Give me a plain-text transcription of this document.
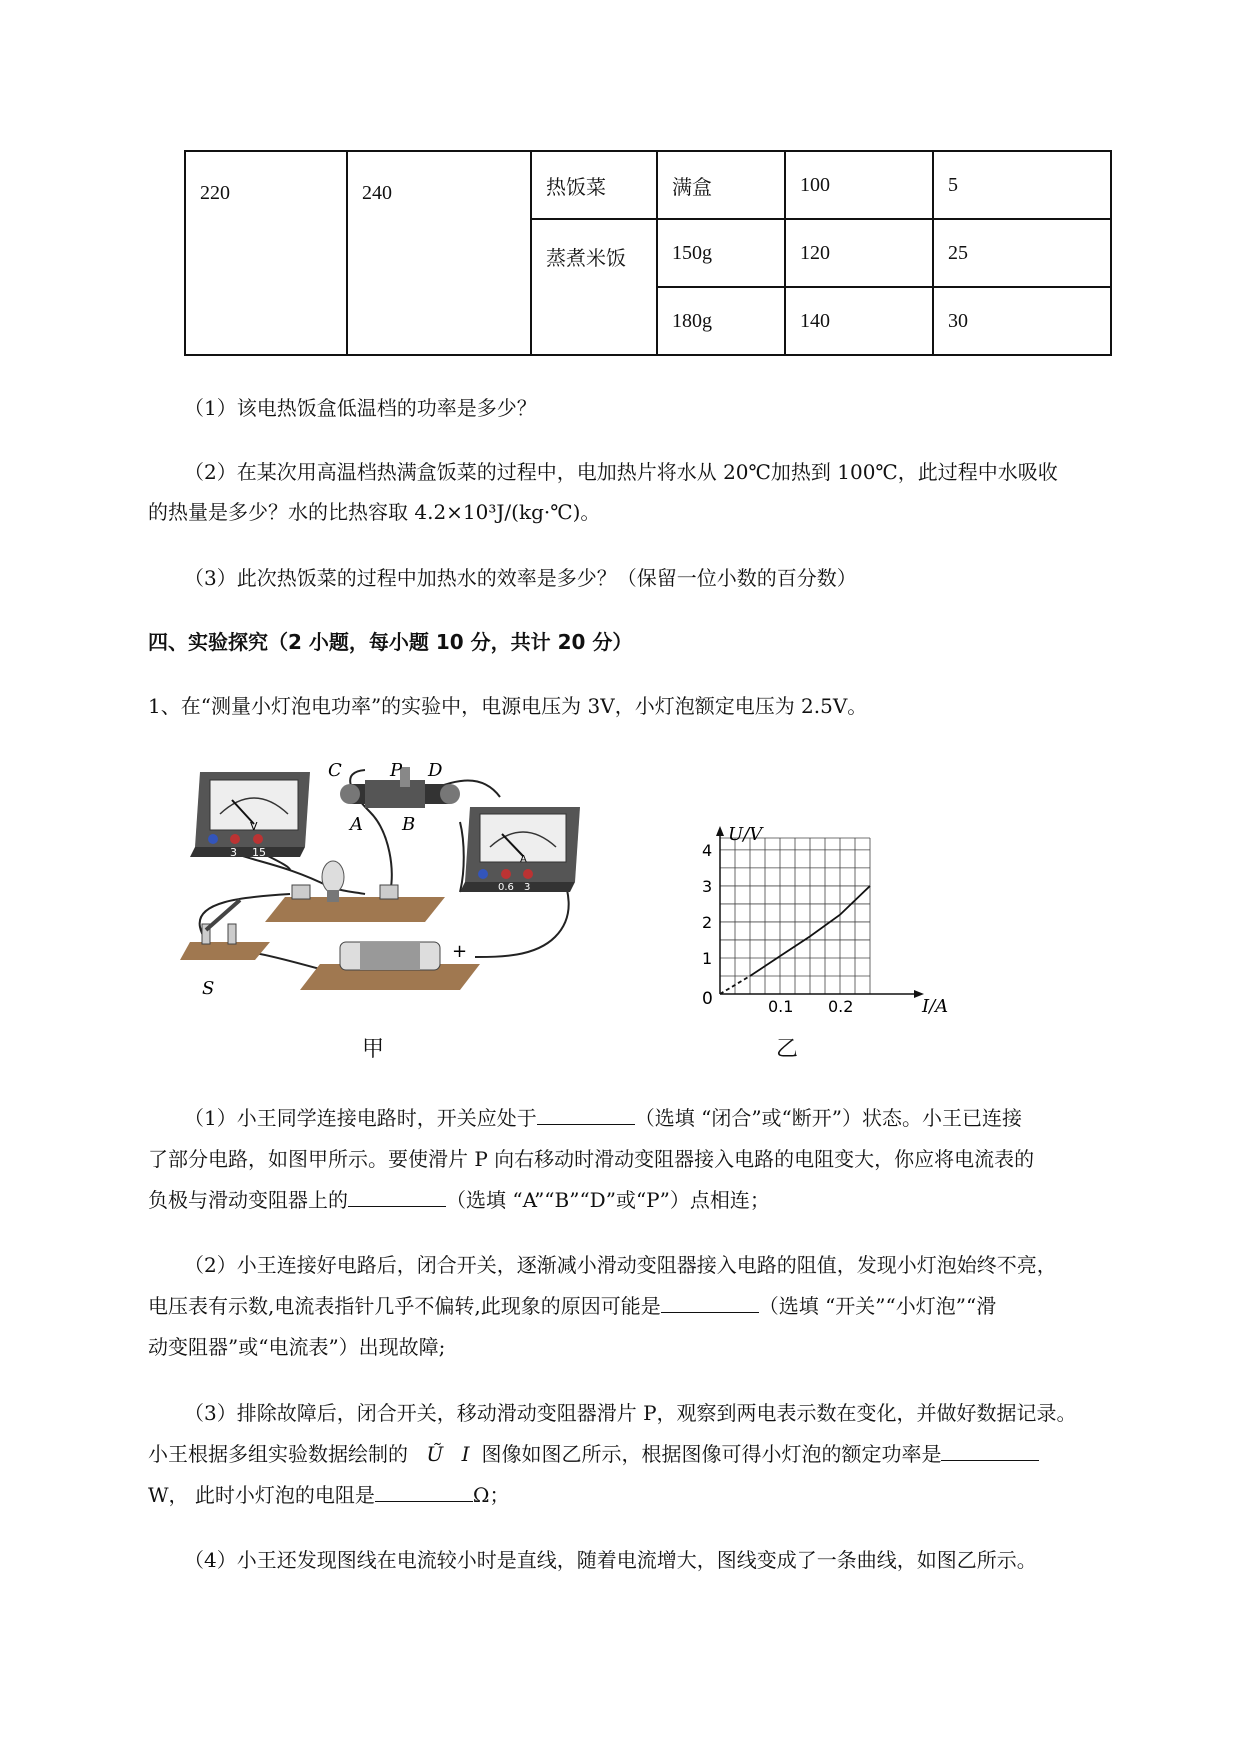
220	240	热饭菜	满盒	100	5
		蒸煮米饭	150g	120	25
			180g	140	30
（1）该电热饭盒低温档的功率是多少？
（2）在某次用高温档热满盒饭菜的过程中，电加热片将水从 20℃加热到 100℃，此过程中水吸收
的热量是多少？水的比热容取 4.2×10³J/(kg·℃)。
（3）此次热饭菜的过程中加热水的效率是多少？（保留一位小数的百分数）
四、实验探究（2 小题，每小题 10 分，共计 20 分）
1、在“测量小灯泡电功率”的实验中，电源电压为 3V，小灯泡额定电压为 2.5V。
V
3 15
C	P D
A B
A
0.6 3
S
+
甲
1
2
3
4
0.1 0.2
U/V
I/A
0
乙
（1）小王同学连接电路时，开关应处于	（选填 “闭合”或“断开”）状态。小王已连接
了部分电路，如图甲所示。要使滑片 P 向右移动时滑动变阻器接入电路的电阻变大，你应将电流表的
负极与滑动变阻器上的	（选填 “A”“B”“D”或“P”）点相连；
（2）小王连接好电路后，闭合开关，逐渐减小滑动变阻器接入电路的阻值，发现小灯泡始终不亮，
电压表有示数,电流表指针几乎不偏转,此现象的原因可能是	（选填 “开关”“小灯泡”“滑
动变阻器”或“电流表”）出现故障;
（3）排除故障后，闭合开关，移动滑动变阻器滑片 P，观察到两电表示数在变化，并做好数据记录。
小王根据多组实验数据绘制的 Ũ I 图像如图乙所示，根据图像可得小灯泡的额定功率是
W， 此时小灯泡的电阻是	Ω；
（4）小王还发现图线在电流较小时是直线，随着电流增大，图线变成了一条曲线，如图乙所示。
